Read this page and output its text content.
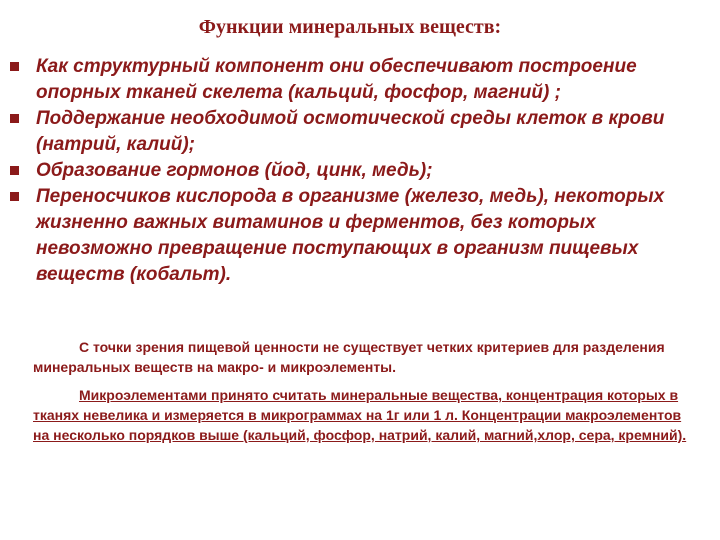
Функции минеральных веществ:
Как структурный компонент они обеспечивают построение опорных тканей скелета (кальций, фосфор, магний) ;
Поддержание необходимой осмотической среды клеток в крови (натрий, калий);
Образование гормонов (йод, цинк, медь);
Переносчиков кислорода в организме (железо, медь), некоторых жизненно важных витаминов и ферментов, без которых невозможно превращение поступающих в организм пищевых веществ (кобальт).

С точки зрения пищевой ценности не существует четких критериев для разделения минеральных веществ на макро- и микроэлементы.

Микроэлементами принято считать минеральные вещества, концентрация которых в тканях невелика и измеряется в микрограммах на 1г или 1 л. Концентрации макроэлементов на несколько порядков выше (кальций, фосфор, натрий, калий, магний,хлор, сера, кремний).
